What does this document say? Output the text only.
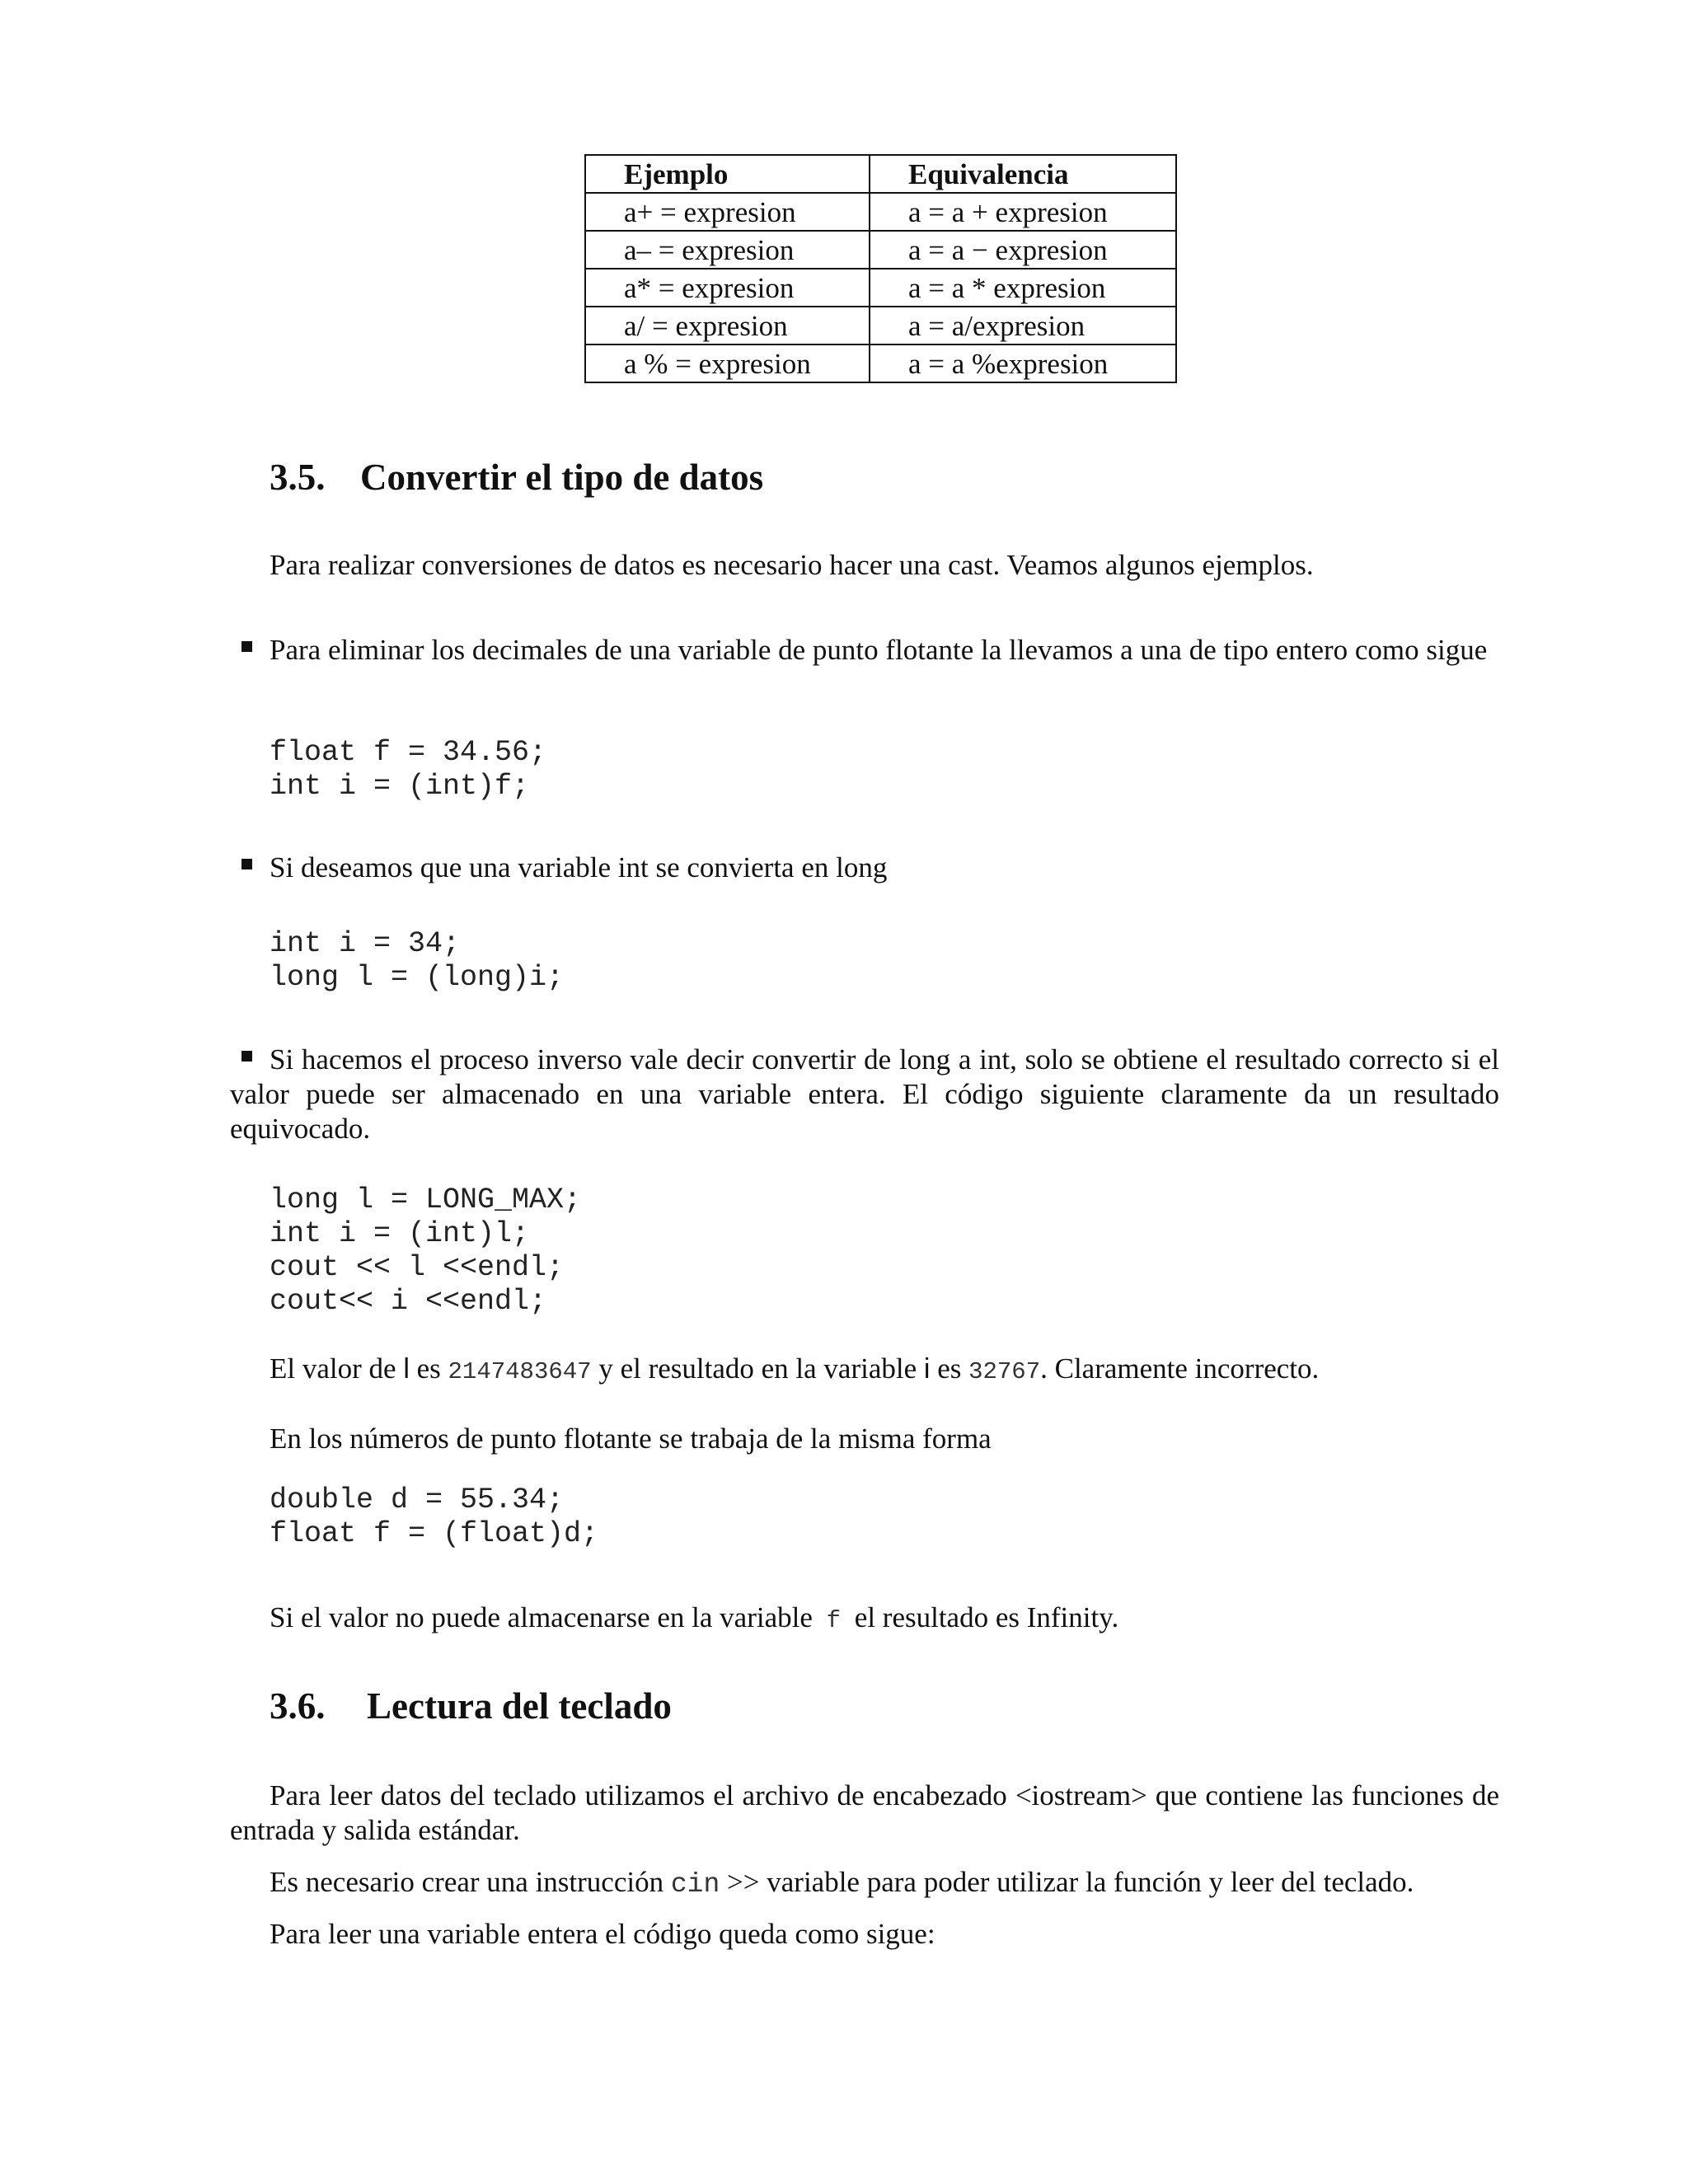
Ejemplo	Equivalencia
a+ = expresion	a = a + expresion
a– = expresion	a = a − expresion
a* = expresion	a = a * expresion
a/ = expresion	a = a/expresion
a % = expresion	a = a %expresion
3.5. Convertir el tipo de datos
Para realizar conversiones de datos es necesario hacer una cast. Veamos algunos ejemplos.
Para eliminar los decimales de una variable de punto flotante la llevamos a una de tipo entero como sigue
float f = 34.56;
int i = (int)f;
Si deseamos que una variable int se convierta en long
int i = 34;
long l = (long)i;
Si hacemos el proceso inverso vale decir convertir de long a int, solo se obtiene el resultado correcto si el valor puede ser almacenado en una variable entera. El código siguiente claramente da un resultado equivocado.
long l = LONG_MAX;
int i = (int)l;
cout << l <<endl;
cout<< i <<endl;
El valor de l es 2147483647 y el resultado en la variable i es 32767. Claramente incorrecto.
En los números de punto flotante se trabaja de la misma forma
double d = 55.34;
float f = (float)d;
Si el valor no puede almacenarse en la variable f el resultado es Infinity.
3.6. Lectura del teclado
Para leer datos del teclado utilizamos el archivo de encabezado <iostream> que contiene las funciones de entrada y salida estándar.
Es necesario crear una instrucción cin >> variable para poder utilizar la función y leer del teclado.
Para leer una variable entera el código queda como sigue:
